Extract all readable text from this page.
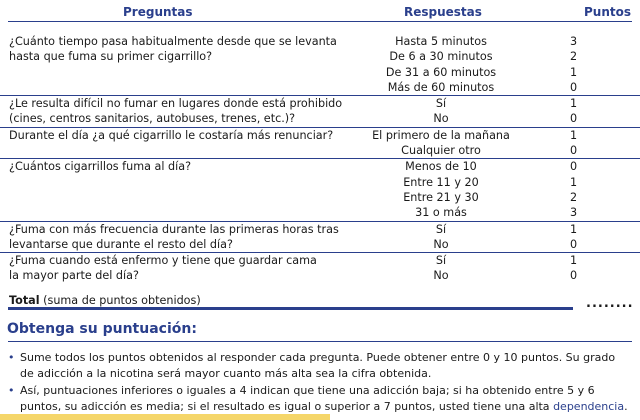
Preguntas	Respuestas	Puntos
¿Cuánto tiempo pasa habitualmente desde que se levanta	Hasta 5 minutos	3
hasta que fuma su primer cigarrillo?	De 6 a 30 minutos	2
	De 31 a 60 minutos	1
	Más de 60 minutos	0
¿Le resulta difícil no fumar en lugares donde está prohibido	Sí	1
(cines, centros sanitarios, autobuses, trenes, etc.)?	No	0
Durante el día ¿a qué cigarrillo le costaría más renunciar?	El primero de la mañana	1
	Cualquier otro	0
¿Cuántos cigarrillos fuma al día?	Menos de 10	0
	Entre 11 y 20	1
	Entre 21 y 30	2
	31 o más	3
¿Fuma con más frecuencia durante las primeras horas tras	Sí	1
levantarse que durante el resto del día?	No	0
¿Fuma cuando está enfermo y tiene que guardar cama	Sí	1
la mayor parte del día?	No	0
Total (suma de puntos obtenidos)	........
Obtenga su puntuación:
• Sume todos los puntos obtenidos al responder cada pregunta. Puede obtener entre 0 y 10 puntos. Su grado de adicción a la nicotina será mayor cuanto más alta sea la cifra obtenida.
• Así, puntuaciones inferiores o iguales a 4 indican que tiene una adicción baja; si ha obtenido entre 5 y 6 puntos, su adicción es media; si el resultado es igual o superior a 7 puntos, usted tiene una alta dependencia.
